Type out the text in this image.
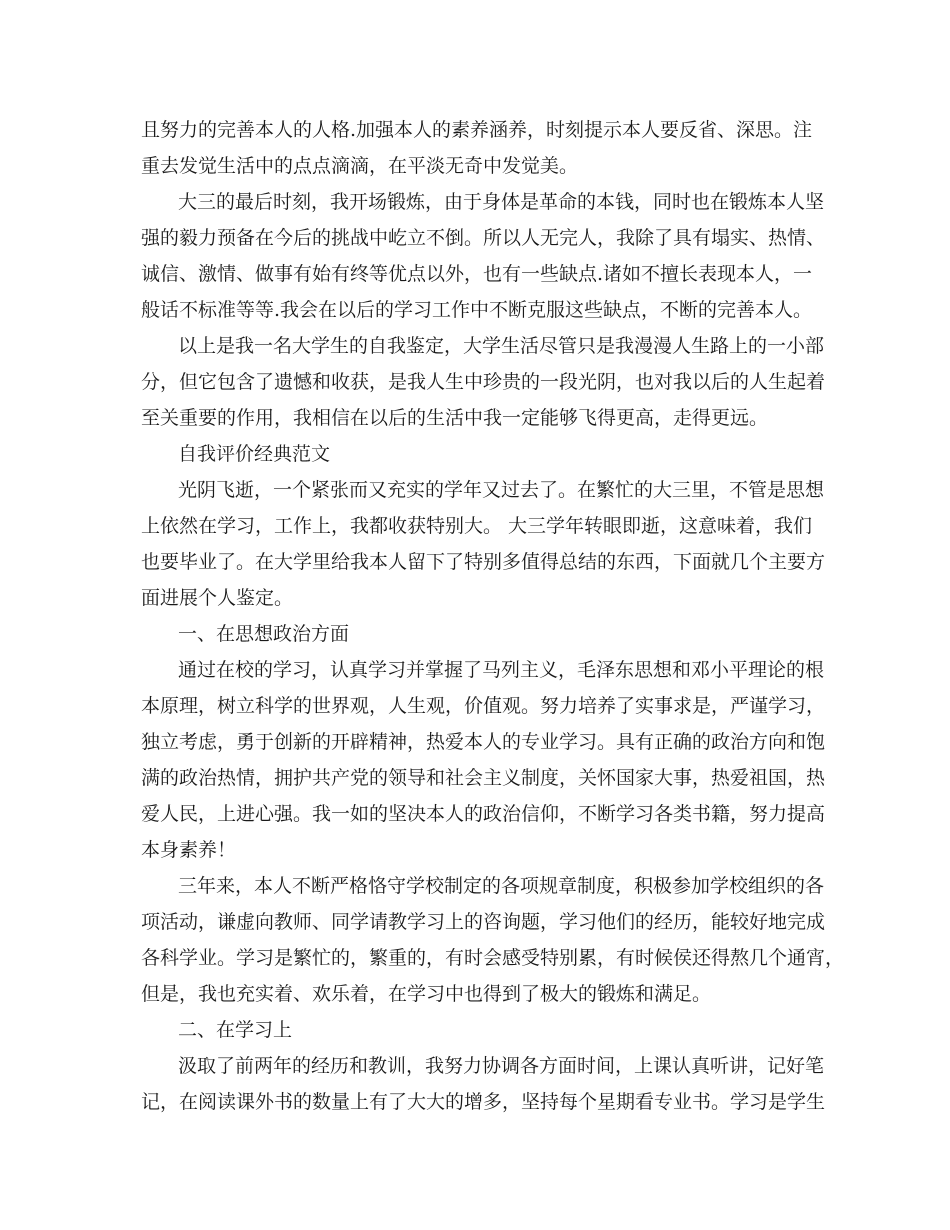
且努力的完善本人的人格.加强本人的素养涵养，时刻提示本人要反省、深思。注
重去发觉生活中的点点滴滴，在平淡无奇中发觉美。
大三的最后时刻，我开场锻炼，由于身体是革命的本钱，同时也在锻炼本人坚
强的毅力预备在今后的挑战中屹立不倒。所以人无完人，我除了具有塌实、热情、
诚信、激情、做事有始有终等优点以外，也有一些缺点.诸如不擅长表现本人，一
般话不标准等等.我会在以后的学习工作中不断克服这些缺点，不断的完善本人。
以上是我一名大学生的自我鉴定，大学生活尽管只是我漫漫人生路上的一小部
分，但它包含了遗憾和收获，是我人生中珍贵的一段光阴，也对我以后的人生起着
至关重要的作用，我相信在以后的生活中我一定能够飞得更高，走得更远。
自我评价经典范文
光阴飞逝，一个紧张而又充实的学年又过去了。在繁忙的大三里，不管是思想
上依然在学习，工作上，我都收获特别大。 大三学年转眼即逝，这意味着，我们
也要毕业了。在大学里给我本人留下了特别多值得总结的东西，下面就几个主要方
面进展个人鉴定。
一、在思想政治方面
通过在校的学习，认真学习并掌握了马列主义，毛泽东思想和邓小平理论的根
本原理，树立科学的世界观，人生观，价值观。努力培养了实事求是，严谨学习，
独立考虑，勇于创新的开辟精神，热爱本人的专业学习。具有正确的政治方向和饱
满的政治热情，拥护共产党的领导和社会主义制度，关怀国家大事，热爱祖国，热
爱人民，上进心强。我一如的坚决本人的政治信仰，不断学习各类书籍，努力提高
本身素养！
三年来，本人不断严格恪守学校制定的各项规章制度，积极参加学校组织的各
项活动，谦虚向教师、同学请教学习上的咨询题，学习他们的经历，能较好地完成
各科学业。学习是繁忙的，繁重的，有时会感受特别累，有时候侯还得熬几个通宵，
但是，我也充实着、欢乐着，在学习中也得到了极大的锻炼和满足。
二、在学习上
汲取了前两年的经历和教训，我努力协调各方面时间，上课认真听讲，记好笔
记，在阅读课外书的数量上有了大大的增多，坚持每个星期看专业书。学习是学生
